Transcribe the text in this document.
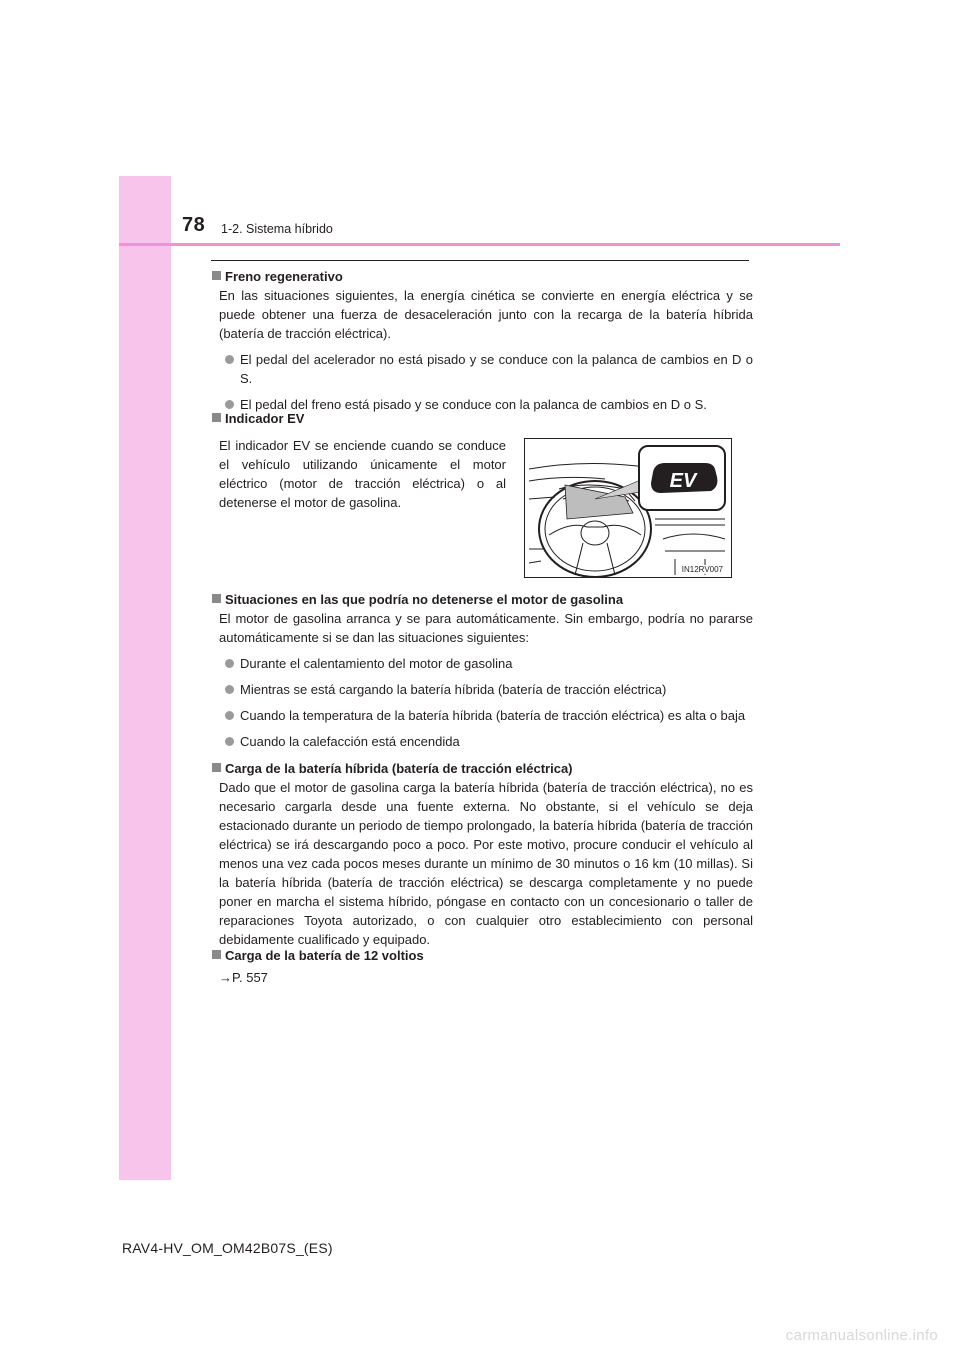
78 1-2. Sistema híbrido
Freno regenerativo
En las situaciones siguientes, la energía cinética se convierte en energía eléctrica y se puede obtener una fuerza de desaceleración junto con la recarga de la batería híbrida (batería de tracción eléctrica).
El pedal del acelerador no está pisado y se conduce con la palanca de cambios en D o S.
El pedal del freno está pisado y se conduce con la palanca de cambios en D o S.
Indicador EV
El indicador EV se enciende cuando se conduce el vehículo utilizando únicamente el motor eléctrico (motor de tracción eléctrica) o al detenerse el motor de gasolina.
EV
IN12RV007
Situaciones en las que podría no detenerse el motor de gasolina
El motor de gasolina arranca y se para automáticamente. Sin embargo, podría no pararse automáticamente si se dan las situaciones siguientes:
Durante el calentamiento del motor de gasolina
Mientras se está cargando la batería híbrida (batería de tracción eléctrica)
Cuando la temperatura de la batería híbrida (batería de tracción eléctrica) es alta o baja
Cuando la calefacción está encendida
Carga de la batería híbrida (batería de tracción eléctrica)
Dado que el motor de gasolina carga la batería híbrida (batería de tracción eléctrica), no es necesario cargarla desde una fuente externa. No obstante, si el vehículo se deja estacionado durante un periodo de tiempo prolongado, la batería híbrida (batería de tracción eléctrica) se irá descargando poco a poco. Por este motivo, procure conducir el vehículo al menos una vez cada pocos meses durante un mínimo de 30 minutos o 16 km (10 millas). Si la batería híbrida (batería de tracción eléctrica) se descarga completamente y no puede poner en marcha el sistema híbrido, póngase en contacto con un concesionario o taller de reparaciones Toyota autorizado, o con cualquier otro establecimiento con personal debidamente cualificado y equipado.
Carga de la batería de 12 voltios
→P. 557
RAV4-HV_OM_OM42B07S_(ES)
carmanualsonline.info
